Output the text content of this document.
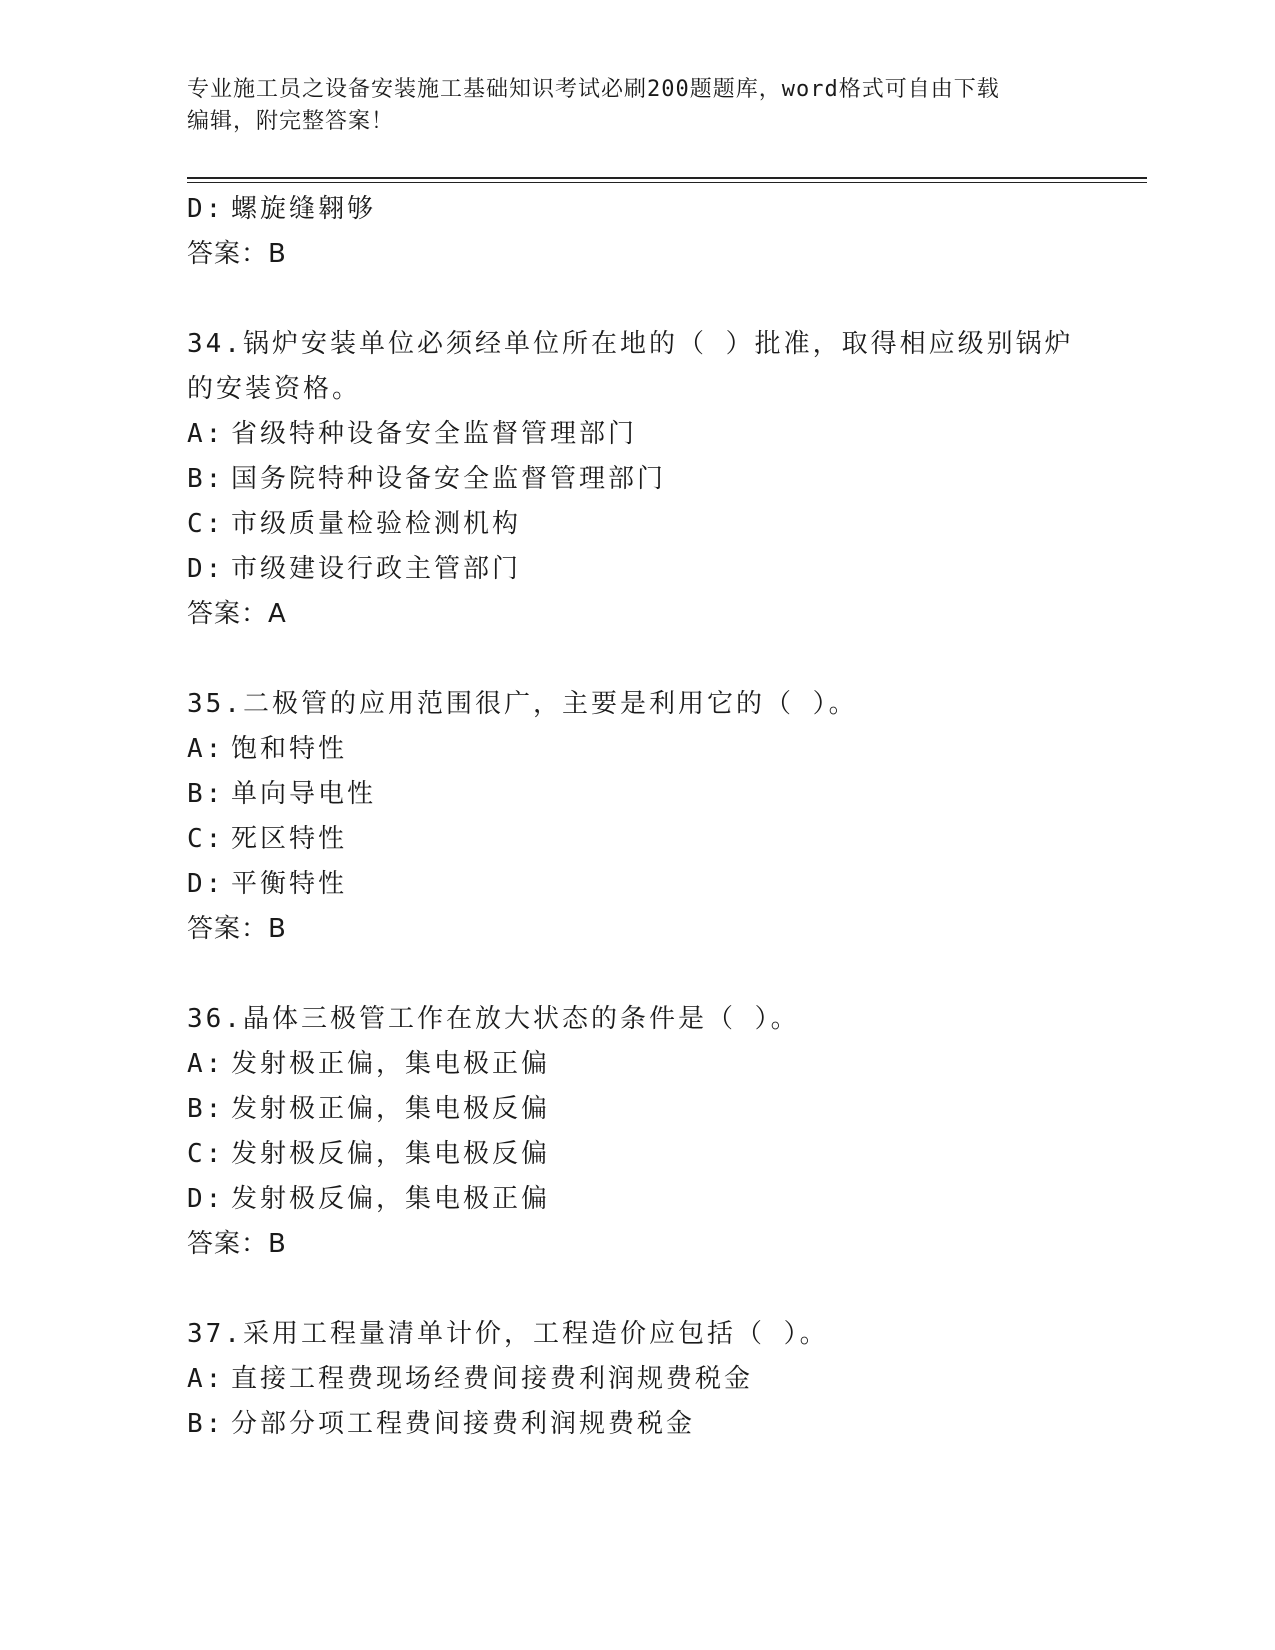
专业施工员之设备安装施工基础知识考试必刷200题题库，word格式可自由下载
编辑，附完整答案！
D: 螺旋缝翱够
答案：B
34.锅炉安装单位必须经单位所在地的（ ）批准，取得相应级别锅炉
的安装资格。
A: 省级特种设备安全监督管理部门
B: 国务院特种设备安全监督管理部门
C: 市级质量检验检测机构
D: 市级建设行政主管部门
答案：A
35.二极管的应用范围很广，主要是利用它的（ ）。
A: 饱和特性
B: 单向导电性
C: 死区特性
D: 平衡特性
答案：B
36.晶体三极管工作在放大状态的条件是（ ）。
A: 发射极正偏，集电极正偏
B: 发射极正偏，集电极反偏
C: 发射极反偏，集电极反偏
D: 发射极反偏，集电极正偏
答案：B
37.采用工程量清单计价，工程造价应包括（ ）。
A: 直接工程费现场经费间接费利润规费税金
B: 分部分项工程费间接费利润规费税金
